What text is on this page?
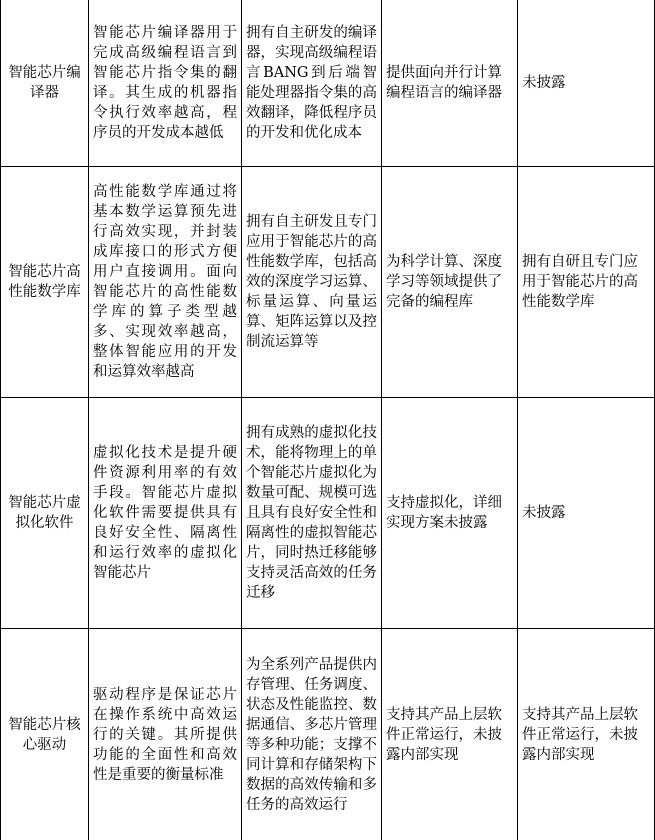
智能芯片编译器	智能芯片编译器用于完成高级编程语言到智能芯片指令集的翻译。其生成的机器指令执行效率越高，程序员的开发成本越低	拥有自主研发的编译器，实现高级编程语言BANG到后端智能处理器指令集的高效翻译，降低程序员的开发和优化成本	提供面向并行计算编程语言的编译器	未披露
智能芯片高性能数学库	高性能数学库通过将基本数学运算预先进行高效实现，并封装成库接口的形式方便用户直接调用。面向智能芯片的高性能数学库的算子类型越多、实现效率越高，整体智能应用的开发和运算效率越高	拥有自主研发且专门应用于智能芯片的高性能数学库，包括高效的深度学习运算、标量运算、向量运算、矩阵运算以及控制流运算等	为科学计算、深度学习等领域提供了完备的编程库	拥有自研且专门应用于智能芯片的高性能数学库
智能芯片虚拟化软件	虚拟化技术是提升硬件资源利用率的有效手段。智能芯片虚拟化软件需要提供具有良好安全性、隔离性和运行效率的虚拟化智能芯片	拥有成熟的虚拟化技术，能将物理上的单个智能芯片虚拟化为数量可配、规模可选且具有良好安全性和隔离性的虚拟智能芯片，同时热迁移能够支持灵活高效的任务迁移	支持虚拟化，详细实现方案未披露	未披露
智能芯片核心驱动	驱动程序是保证芯片在操作系统中高效运行的关键。其所提供功能的全面性和高效性是重要的衡量标准	为全系列产品提供内存管理、任务调度、状态及性能监控、数据通信、多芯片管理等多种功能；支撑不同计算和存储架构下数据的高效传输和多任务的高效运行	支持其产品上层软件正常运行，未披露内部实现	支持其产品上层软件正常运行，未披露内部实现
